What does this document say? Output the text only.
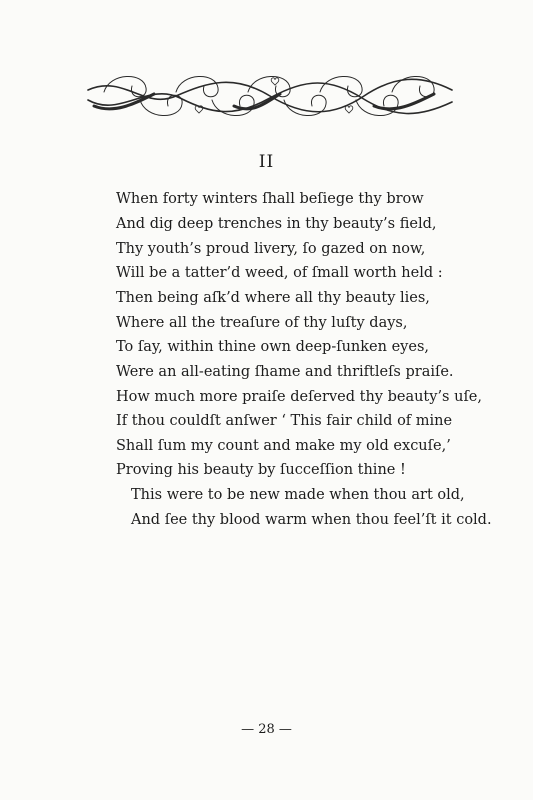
II
When forty winters ſhall beſiege thy brow
And dig deep trenches in thy beauty’s field,
Thy youth’s proud livery, ſo gazed on now,
Will be a tatter’d weed, of ſmall worth held :
Then being aſk’d where all thy beauty lies,
Where all the treaſure of thy luſty days,
To ſay, within thine own deep-ſunken eyes,
Were an all-eating ſhame and thriftleſs praiſe.
How much more praiſe deſerved thy beauty’s uſe,
If thou couldſt anſwer ‘ This fair child of mine
Shall ſum my count and make my old excuſe,’
Proving his beauty by ſucceſſion thine !
This were to be new made when thou art old,
And ſee thy blood warm when thou feel’ſt it cold.
— 28 —
